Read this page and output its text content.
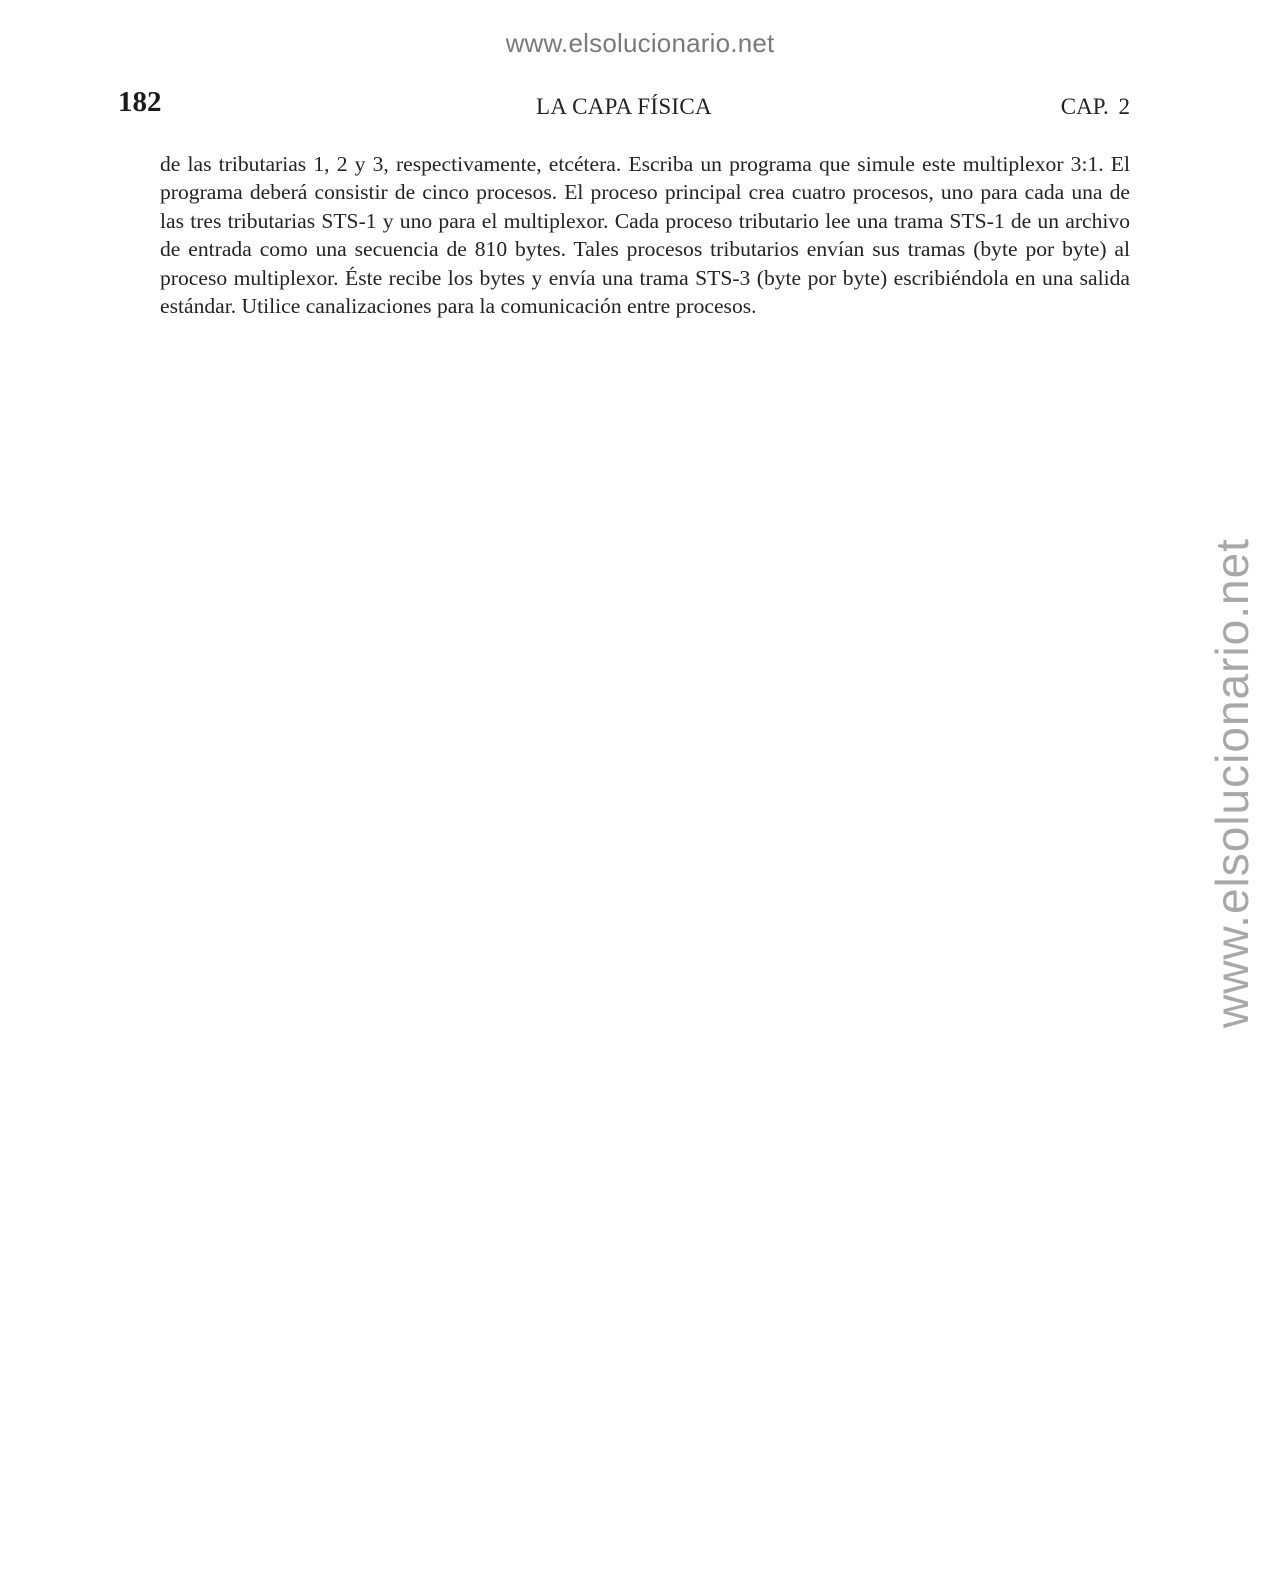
www.elsolucionario.net
182	LA CAPA FÍSICA	CAP. 2

de las tributarias 1, 2 y 3, respectivamente, etcétera. Escriba un programa que simule este multiplexor 3:1. El programa deberá consistir de cinco procesos. El proceso principal crea cuatro procesos, uno para cada una de las tres tributarias STS-1 y uno para el multiplexor. Cada proceso tributario lee una trama STS-1 de un archivo de entrada como una secuencia de 810 bytes. Tales procesos tributarios envían sus tramas (byte por byte) al proceso multiplexor. Éste recibe los bytes y envía una trama STS-3 (byte por byte) escribiéndola en una salida estándar. Utilice canalizaciones para la comunicación entre procesos.

www.elsolucionario.net
